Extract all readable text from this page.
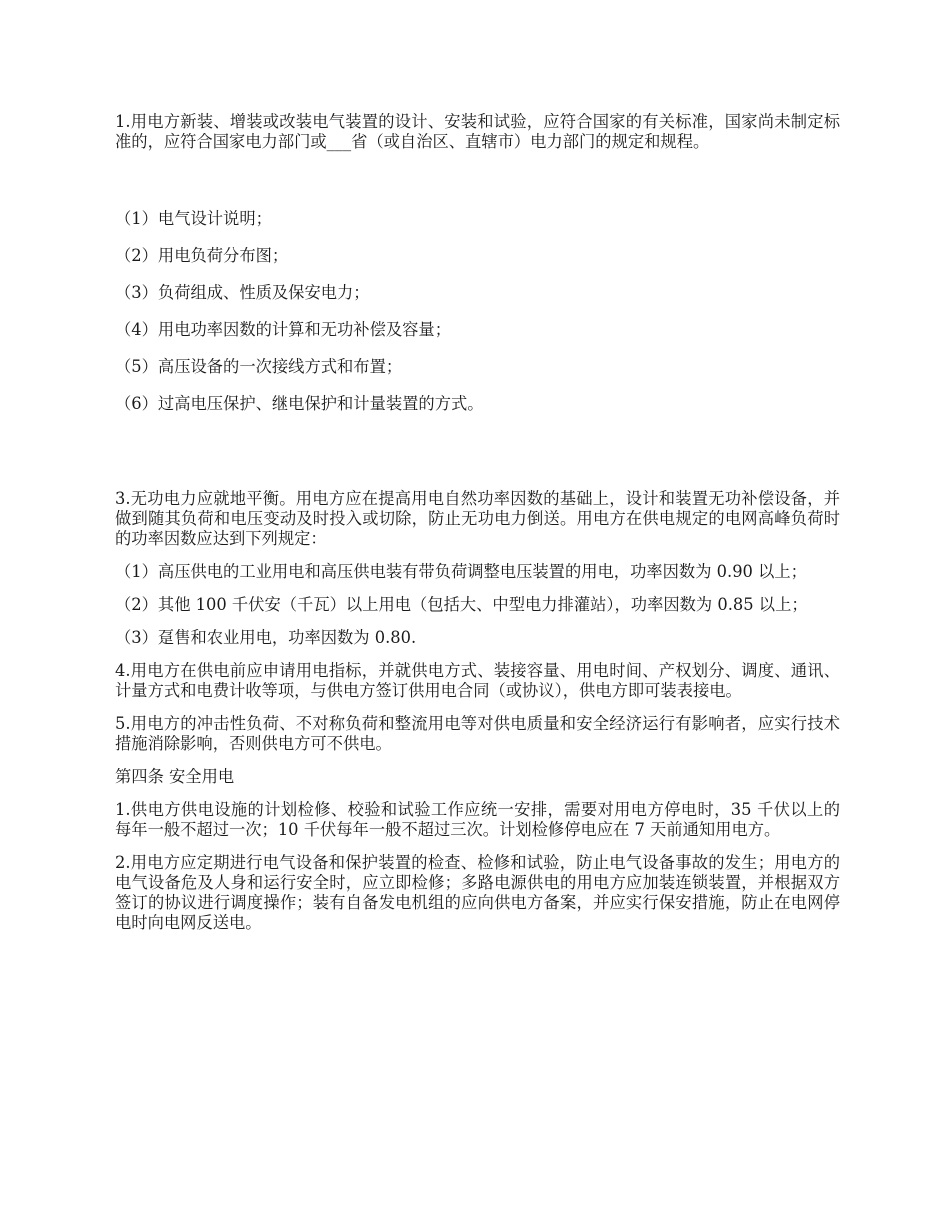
1.用电方新装、增装或改装电气装置的设计、安装和试验，应符合国家的有关标准，国家尚未制定标准的，应符合国家电力部门或___省（或自治区、直辖市）电力部门的规定和规程。

（1）电气设计说明；

（2）用电负荷分布图；

（3）负荷组成、性质及保安电力；

（4）用电功率因数的计算和无功补偿及容量；

（5）高压设备的一次接线方式和布置；

（6）过高电压保护、继电保护和计量装置的方式。

3.无功电力应就地平衡。用电方应在提高用电自然功率因数的基础上，设计和装置无功补偿设备，并做到随其负荷和电压变动及时投入或切除，防止无功电力倒送。用电方在供电规定的电网高峰负荷时的功率因数应达到下列规定：

（1）高压供电的工业用电和高压供电装有带负荷调整电压装置的用电，功率因数为 0.90 以上；

（2）其他 100 千伏安（千瓦）以上用电（包括大、中型电力排灌站），功率因数为 0.85 以上；

（3）趸售和农业用电，功率因数为 0.80.

4.用电方在供电前应申请用电指标，并就供电方式、装接容量、用电时间、产权划分、调度、通讯、计量方式和电费计收等项，与供电方签订供用电合同（或协议），供电方即可装表接电。

5.用电方的冲击性负荷、不对称负荷和整流用电等对供电质量和安全经济运行有影响者，应实行技术措施消除影响，否则供电方可不供电。

第四条 安全用电

1.供电方供电设施的计划检修、校验和试验工作应统一安排，需要对用电方停电时，35 千伏以上的每年一般不超过一次；10 千伏每年一般不超过三次。计划检修停电应在 7 天前通知用电方。

2.用电方应定期进行电气设备和保护装置的检查、检修和试验，防止电气设备事故的发生；用电方的电气设备危及人身和运行安全时，应立即检修；多路电源供电的用电方应加装连锁装置，并根据双方签订的协议进行调度操作；装有自备发电机组的应向供电方备案，并应实行保安措施，防止在电网停电时向电网反送电。
